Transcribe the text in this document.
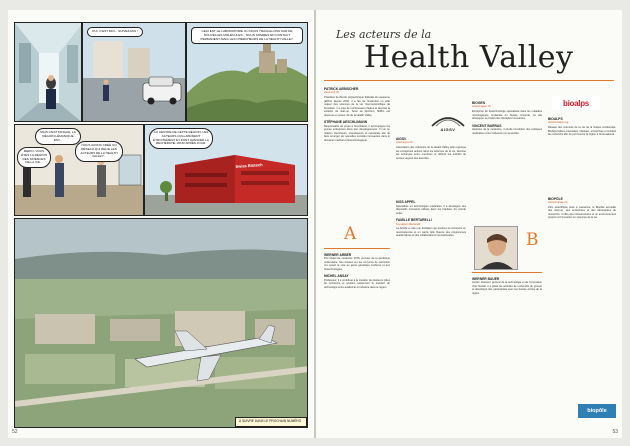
OUI, C'EST MOI... SUIVEZ-MOI !	CECI EST LE LABORATOIRE OÙ NOUS TRAVAILLONS SUR DE NOUVELLES MOLÉCULES... NOUS SOMMES EN CONTACT PERMANENT AVEC LES CHERCHEURS DE LA HEALTH VALLEY.
MAIS C'EST DINGUE, LA RÉGION LÉMANIQUE EST...
MERCI. VOUS ÊTES LA RÉGION DES SCIENCES DE LA VIE...
NOUS AVONS CRÉÉ UN RÉSEAU QUI RELIE LES ACTEURS DE LA HEALTH VALLEY...
AU CENTRE DE CETTE RÉGION, LES ACTEURS COLLABORENT ÉTROITEMENT ET FONT AVANCER LA RECHERCHE JOUR APRÈS JOUR.
Swiss Biotech
À SUIVRE DANS LE PROCHAIN NUMÉRO
52
Les acteurs de la
Health Valley
PATRICK AEBISCHER
www.epfl.ch
Président de l'École polytechnique fédérale de Lausanne (EPFL) depuis 2000, il a fait de l'institution un pôle majeur des sciences de la vie. Neuroscientifique de formation, il a créé de nombreuses chaires et favorisé la création de start-up. Sous sa direction, l'EPFL est devenue un acteur clé de la Health Valley.
STÉPHANE AESCHLIMANN
Responsable de projet à l'incubateur, il accompagne les jeunes entreprises dans leur développement. Il met en relation chercheurs, investisseurs et industriels afin de faire émerger de nouvelles sociétés innovantes dans le domaine médical et biotechnologique.
A
WERNER ARBER
Prix Nobel de médecine 1978, pionnier de la génétique moléculaire. Ses travaux sur les enzymes de restriction ont ouvert la voie au génie génétique moderne et aux biotechnologies.
MICHEL ANSAY
Professeur, il a contribué à la création de plusieurs pôles de recherche et soutient activement le transfert de technologie entre académie et industrie dans la région.
AIGSV
AIGSV
www.aigsv.ch
Association des industries de la Health Valley. Elle regroupe les entreprises actives dans les sciences de la vie, favorise les échanges entre membres et défend les intérêts du secteur auprès des autorités.
KISS APPEL
Spécialiste en technologies médicales, il a développé des dispositifs innovants utilisés dans les hôpitaux du monde entier.
FAMILLE BERTARELLI
Fondation Bertarelli
La famille a créé une fondation qui soutient la recherche en neurosciences et en santé. Elle finance des programmes académiques et des collaborations internationales.
BIOGEN
www.biogen.ch
Entreprise de biotechnologie spécialisée dans les maladies neurologiques, implantée en Suisse romande, où elle développe et produit des thérapies innovantes.
VINCENT BARRAS
Historien de la médecine, il étudie l'évolution des pratiques médicales et leur influence sur la société.
B
WERNER BAUER
Ancien directeur général de la technologie et de l'innovation chez Nestlé, il a piloté les activités de recherche du groupe et développé des partenariats avec les hautes écoles de la région.
bioalps
BIOALPS
www.bioalps.org
Réseau des sciences de la vie de la Suisse occidentale, BioAlps fédère universités, hôpitaux, entreprises et instituts de recherche afin de promouvoir la région à l'international.
BIOPÔLE
www.biopole.ch
Parc scientifique situé à Lausanne, le Biopôle accueille des start-up, des entreprises et des laboratoires de recherche. Il offre des infrastructures et un environnement propice à l'innovation en sciences de la vie.
biopôle
53
